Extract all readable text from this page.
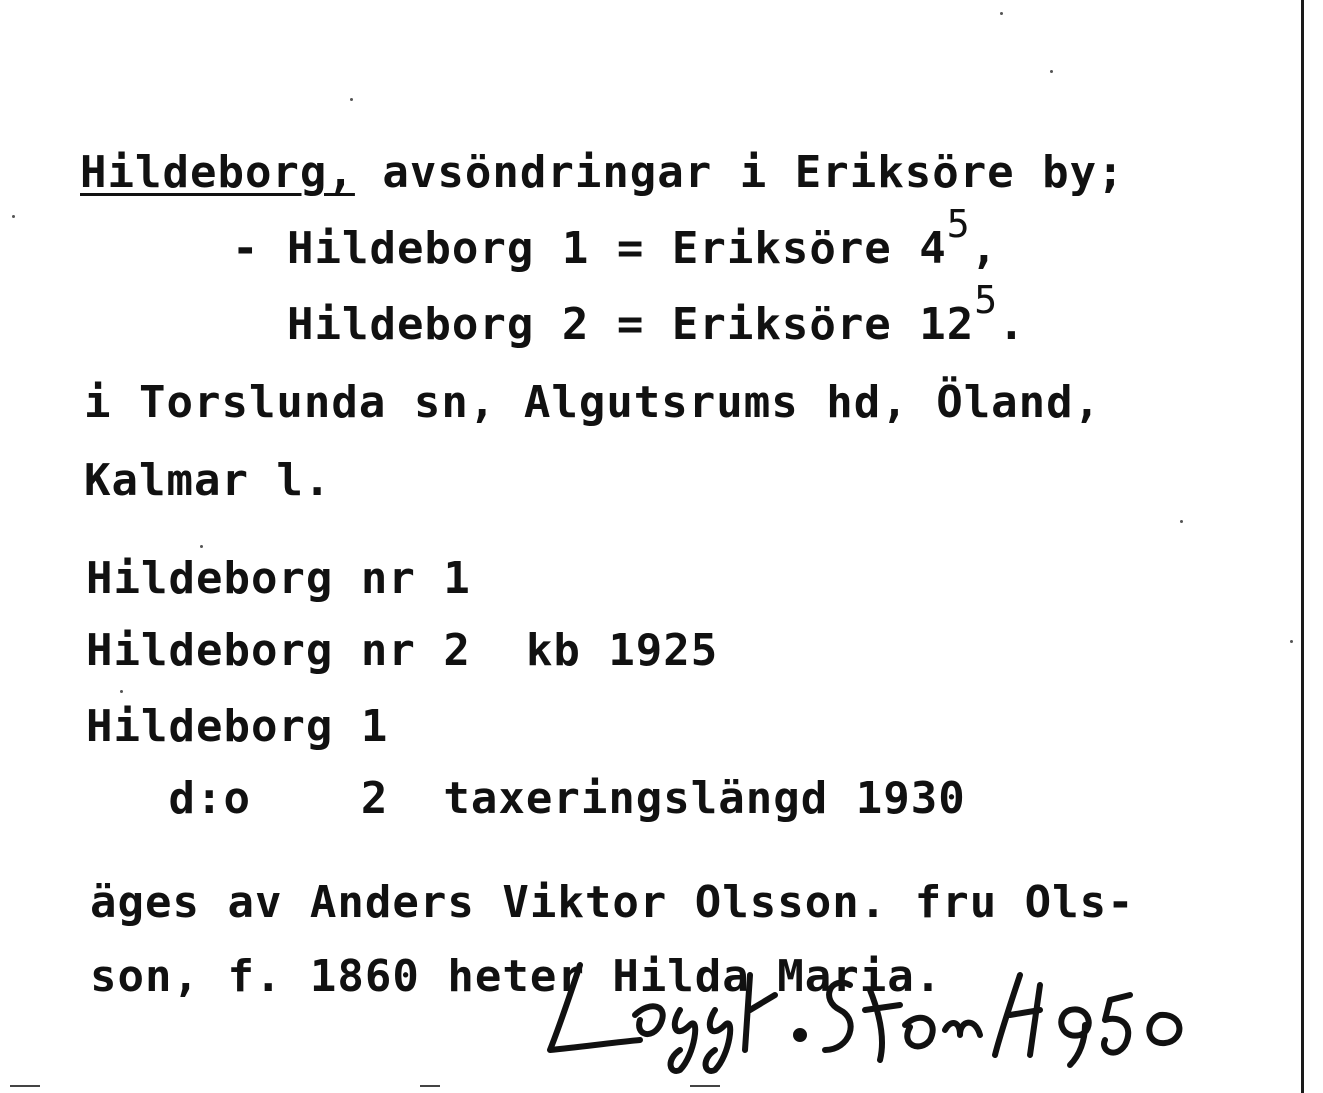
Hildeborg, avsöndringar i Eriksöre by;
- Hildeborg 1 = Eriksöre 45,
Hildeborg 2 = Eriksöre 125.
i Torslunda sn, Algutsrums hd, Öland,
Kalmar l.
Hildeborg nr 1
Hildeborg nr 2  kb 1925
Hildeborg 1
d:o    2  taxeringslängd 1930
äges av Anders Viktor Olsson. fru Ols-
son, f. 1860 heter Hilda Maria.
